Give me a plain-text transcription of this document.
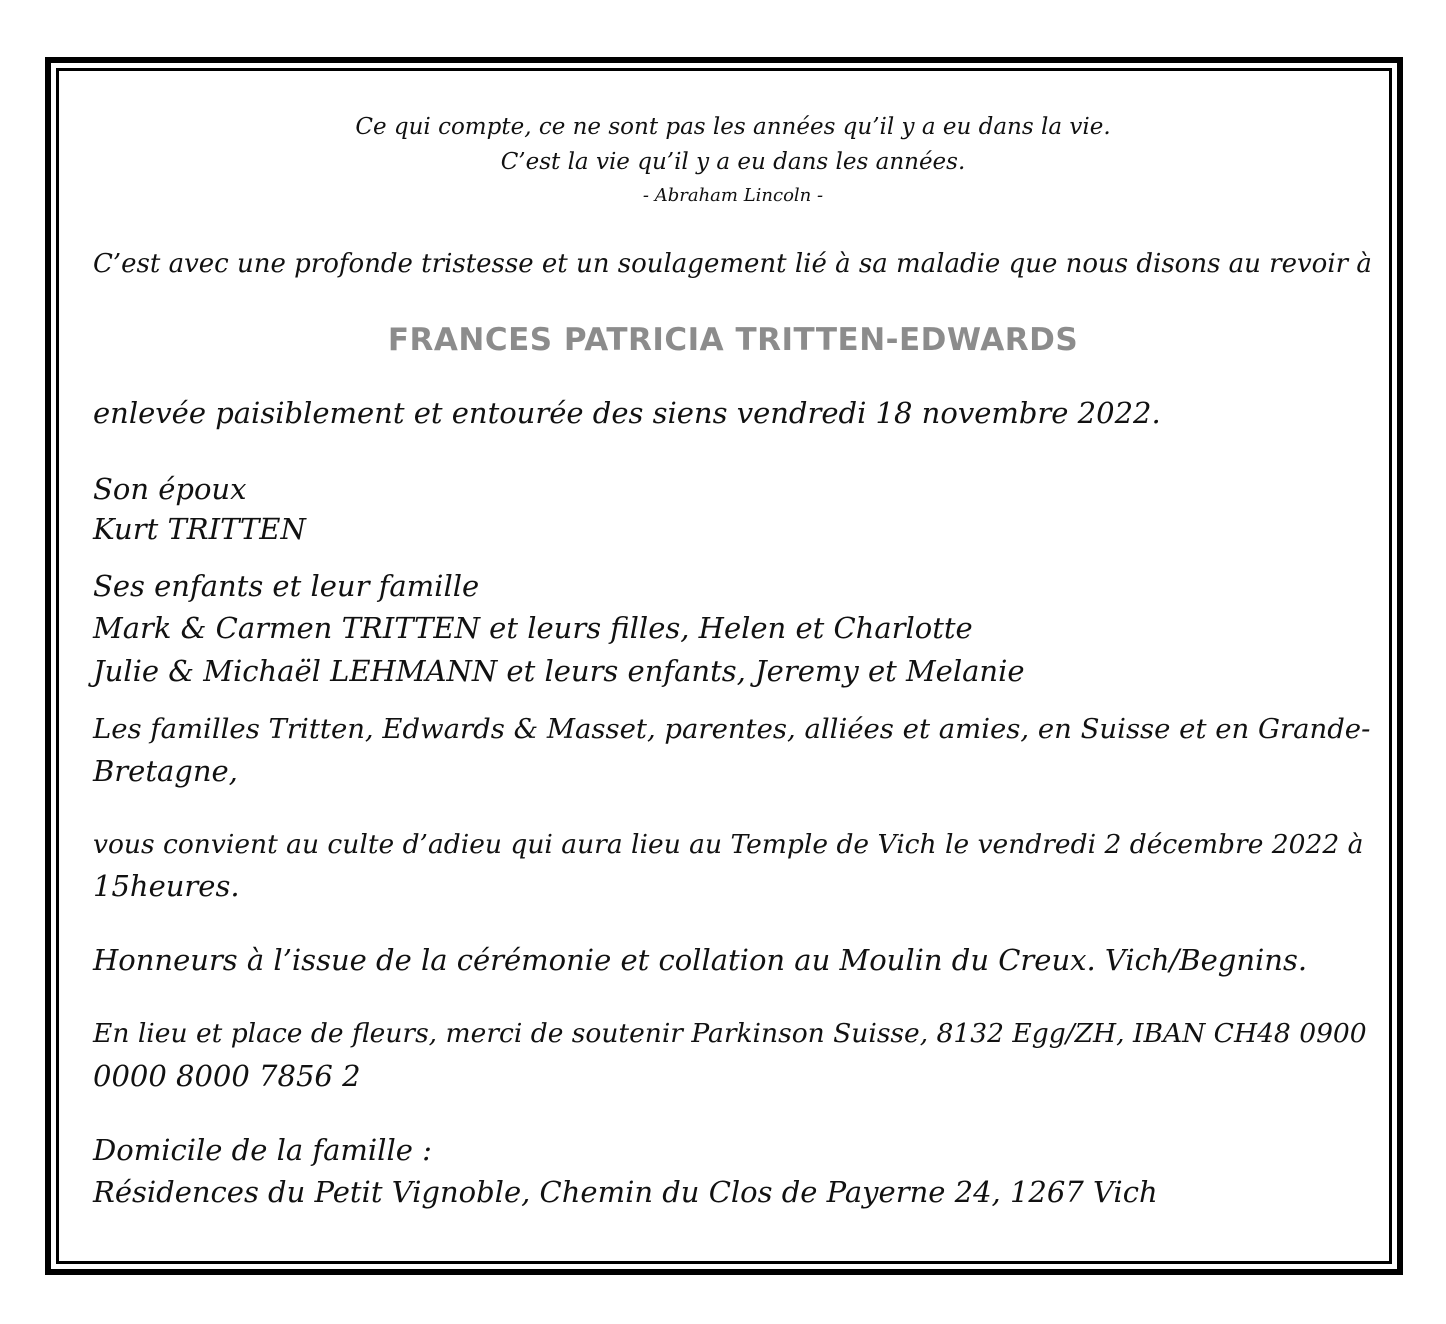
Ce qui compte, ce ne sont pas les années qu’il y a eu dans la vie.
C’est la vie qu’il y a eu dans les années.
- Abraham Lincoln -
C’est avec une profonde tristesse et un soulagement lié à sa maladie que nous disons au revoir à
FRANCES PATRICIA TRITTEN-EDWARDS
enlevée paisiblement et entourée des siens vendredi 18 novembre 2022.
Son époux
Kurt TRITTEN
Ses enfants et leur famille
Mark & Carmen TRITTEN et leurs filles, Helen et Charlotte
Julie & Michaël LEHMANN et leurs enfants, Jeremy et Melanie
Les familles Tritten, Edwards & Masset, parentes, alliées et amies, en Suisse et en Grande-
Bretagne,
vous convient au culte d’adieu qui aura lieu au Temple de Vich le vendredi 2 décembre 2022 à
15heures.
Honneurs à l’issue de la cérémonie et collation au Moulin du Creux. Vich/Begnins.
En lieu et place de fleurs, merci de soutenir Parkinson Suisse, 8132 Egg/ZH, IBAN CH48 0900
0000 8000 7856 2
Domicile de la famille :
Résidences du Petit Vignoble, Chemin du Clos de Payerne 24, 1267 Vich
